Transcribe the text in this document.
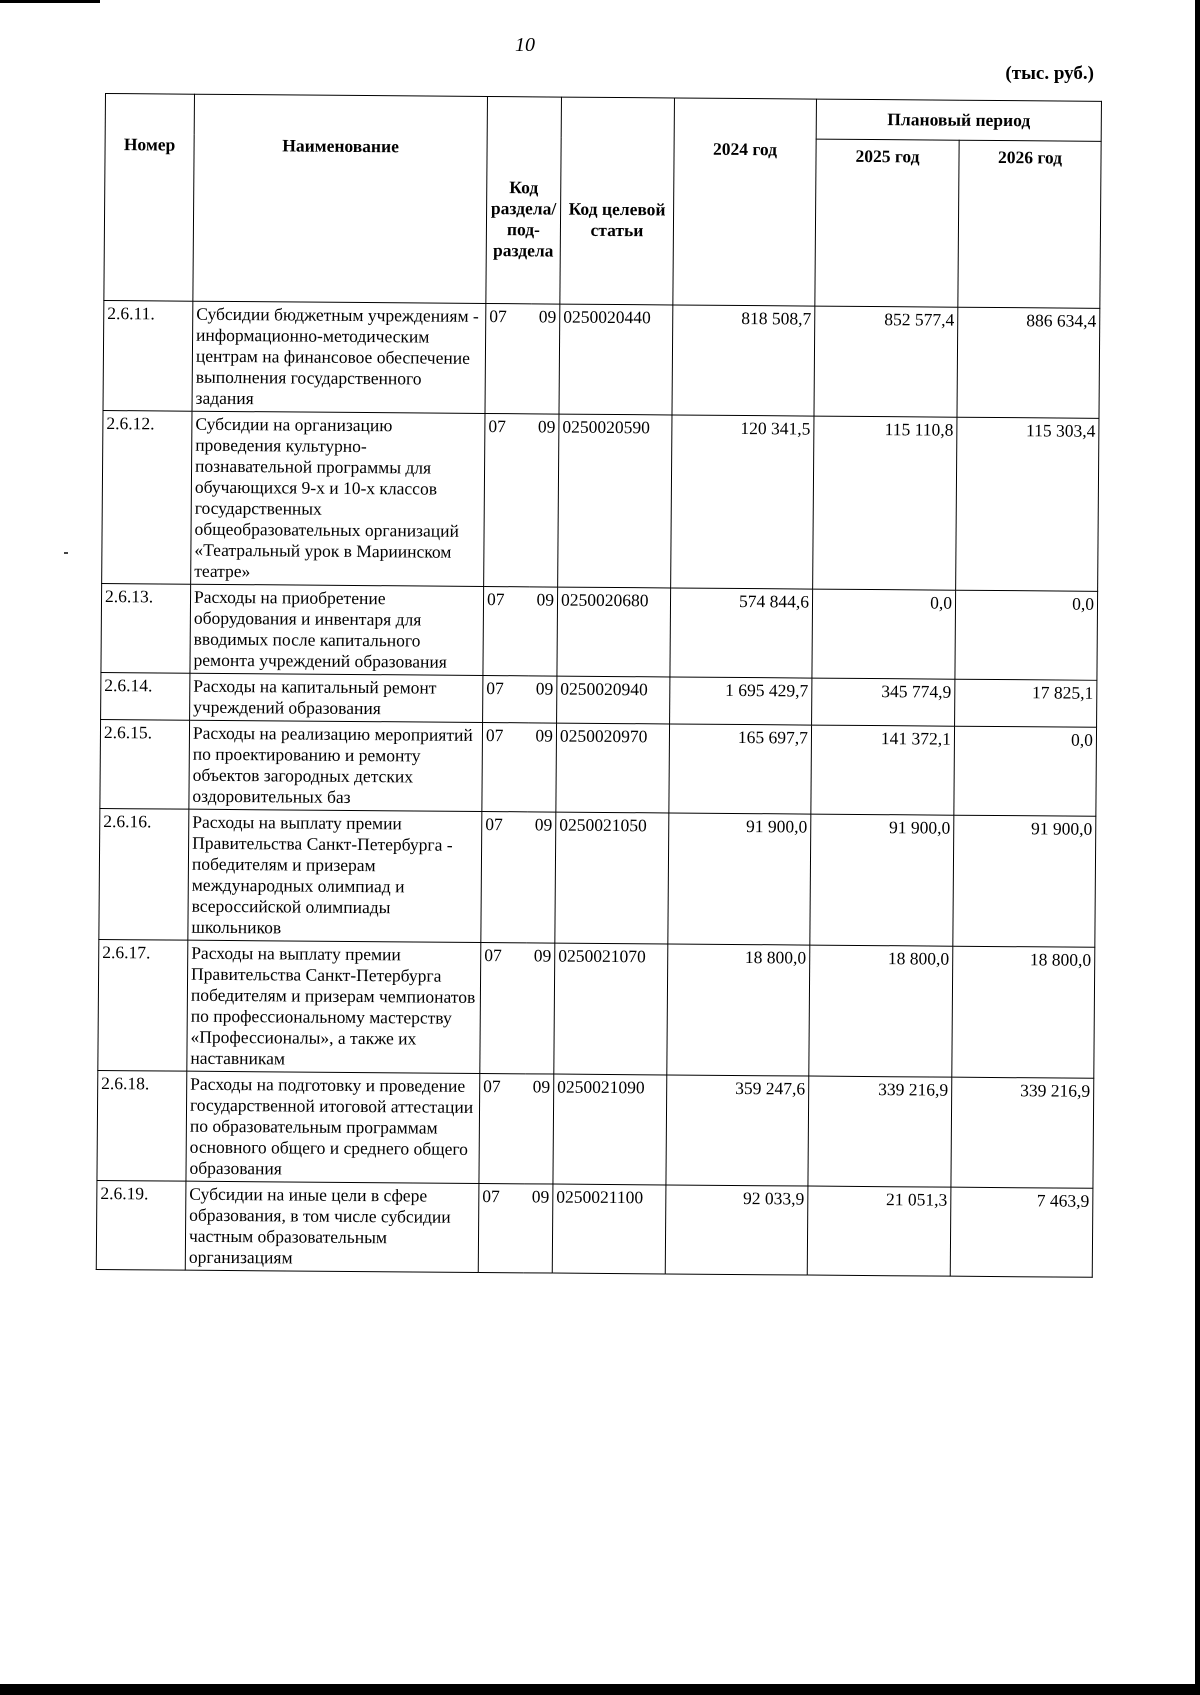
10
(тыс. руб.)
Номер	Наименование	Код раздела/ под-раздела		Код целевой статьи	2024 год	Плановый период	
						2025 год	2026 год
2.6.11.	Субсидии бюджетным учреждениям - информационно-методическим центрам на финансовое обеспечение выполнения государственного задания	07	09	0250020440	818 508,7	852 577,4	886 634,4
2.6.12.	Субсидии на организацию проведения культурно-познавательной программы для обучающихся 9-х и 10-х классов государственных общеобразовательных организаций «Театральный урок в Мариинском театре»	07	09	0250020590	120 341,5	115 110,8	115 303,4
2.6.13.	Расходы на приобретение оборудования и инвентаря для вводимых после капитального ремонта учреждений образования	07	09	0250020680	574 844,6	0,0	0,0
2.6.14.	Расходы на капитальный ремонт учреждений образования	07	09	0250020940	1 695 429,7	345 774,9	17 825,1
2.6.15.	Расходы на реализацию мероприятий по проектированию и ремонту объектов загородных детских оздоровительных баз	07	09	0250020970	165 697,7	141 372,1	0,0
2.6.16.	Расходы на выплату премии Правительства Санкт-Петербурга - победителям и призерам международных олимпиад и всероссийской олимпиады школьников	07	09	0250021050	91 900,0	91 900,0	91 900,0
2.6.17.	Расходы на выплату премии Правительства Санкт-Петербурга победителям и призерам чемпионатов по профессиональному мастерству «Профессионалы», а также их наставникам	07	09	0250021070	18 800,0	18 800,0	18 800,0
2.6.18.	Расходы на подготовку и проведение государственной итоговой аттестации по образовательным программам основного общего и среднего общего образования	07	09	0250021090	359 247,6	339 216,9	339 216,9
2.6.19.	Субсидии на иные цели в сфере образования, в том числе субсидии частным образовательным организациям	07	09	0250021100	92 033,9	21 051,3	7 463,9
